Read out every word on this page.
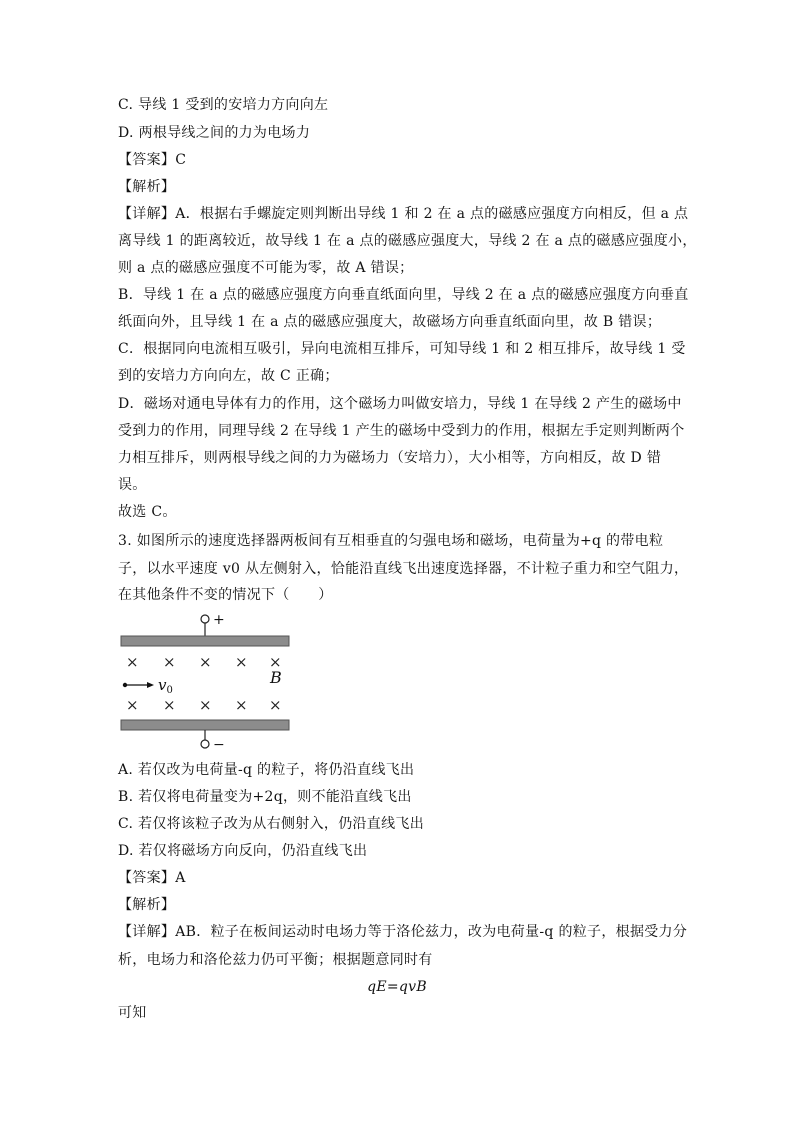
C. 导线 1 受到的安培力方向向左
D. 两根导线之间的力为电场力
【答案】C
【解析】
【详解】A．根据右手螺旋定则判断出导线 1 和 2 在 a 点的磁感应强度方向相反，但 a 点
离导线 1 的距离较近，故导线 1 在 a 点的磁感应强度大，导线 2 在 a 点的磁感应强度小，
则 a 点的磁感应强度不可能为零，故 A 错误；
B．导线 1 在 a 点的磁感应强度方向垂直纸面向里，导线 2 在 a 点的磁感应强度方向垂直
纸面向外，且导线 1 在 a 点的磁感应强度大，故磁场方向垂直纸面向里，故 B 错误；
C．根据同向电流相互吸引，异向电流相互排斥，可知导线 1 和 2 相互排斥，故导线 1 受
到的安培力方向向左，故 C 正确；
D．磁场对通电导体有力的作用，这个磁场力叫做安培力，导线 1 在导线 2 产生的磁场中
受到力的作用，同理导线 2 在导线 1 产生的磁场中受到力的作用，根据左手定则判断两个
力相互排斥，则两根导线之间的力为磁场力（安培力），大小相等，方向相反，故 D 错
误。
故选 C。
3. 如图所示的速度选择器两板间有互相垂直的匀强电场和磁场，电荷量为+q 的带电粒
子，以水平速度 v0 从左侧射入，恰能沿直线飞出速度选择器，不计粒子重力和空气阻力，
在其他条件不变的情况下（　　）
+
× × × × ×
B
$v_0$
× × × × ×
−
A. 若仅改为电荷量-q 的粒子，将仍沿直线飞出
B. 若仅将电荷量变为+2q，则不能沿直线飞出
C. 若仅将该粒子改为从右侧射入，仍沿直线飞出
D. 若仅将磁场方向反向，仍沿直线飞出
【答案】A
【解析】
【详解】AB．粒子在板间运动时电场力等于洛伦兹力，改为电荷量-q 的粒子，根据受力分
析，电场力和洛伦兹力仍可平衡；根据题意同时有
qE=qvB
可知
